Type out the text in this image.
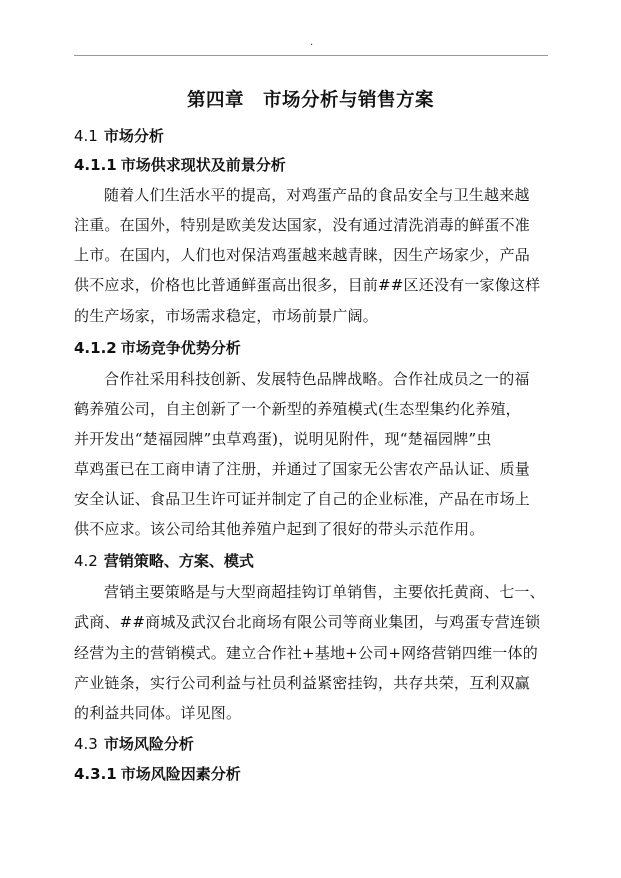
.
第四章　市场分析与销售方案
4.1 市场分析
4.1.1 市场供求现状及前景分析
随着人们生活水平的提高，对鸡蛋产品的食品安全与卫生越来越
注重。在国外，特别是欧美发达国家，没有通过清洗消毒的鲜蛋不准
上市。在国内，人们也对保洁鸡蛋越来越青睐，因生产场家少，产品
供不应求，价格也比普通鲜蛋高出很多，目前##区还没有一家像这样
的生产场家，市场需求稳定，市场前景广阔。
4.1.2 市场竞争优势分析
合作社采用科技创新、发展特色品牌战略。合作社成员之一的福
鹤养殖公司，自主创新了一个新型的养殖模式(生态型集约化养殖，
并开发出“楚福园牌”虫草鸡蛋)，说明见附件，现“楚福园牌”虫
草鸡蛋已在工商申请了注册，并通过了国家无公害农产品认证、质量
安全认证、食品卫生许可证并制定了自己的企业标准，产品在市场上
供不应求。该公司给其他养殖户起到了很好的带头示范作用。
4.2 营销策略、方案、模式
营销主要策略是与大型商超挂钩订单销售，主要依托黄商、七一、
武商、##商城及武汉台北商场有限公司等商业集团，与鸡蛋专营连锁
经营为主的营销模式。建立合作社+基地+公司+网络营销四维一体的
产业链条，实行公司利益与社员利益紧密挂钩，共存共荣，互利双赢
的利益共同体。详见图。
4.3 市场风险分析
4.3.1 市场风险因素分析
